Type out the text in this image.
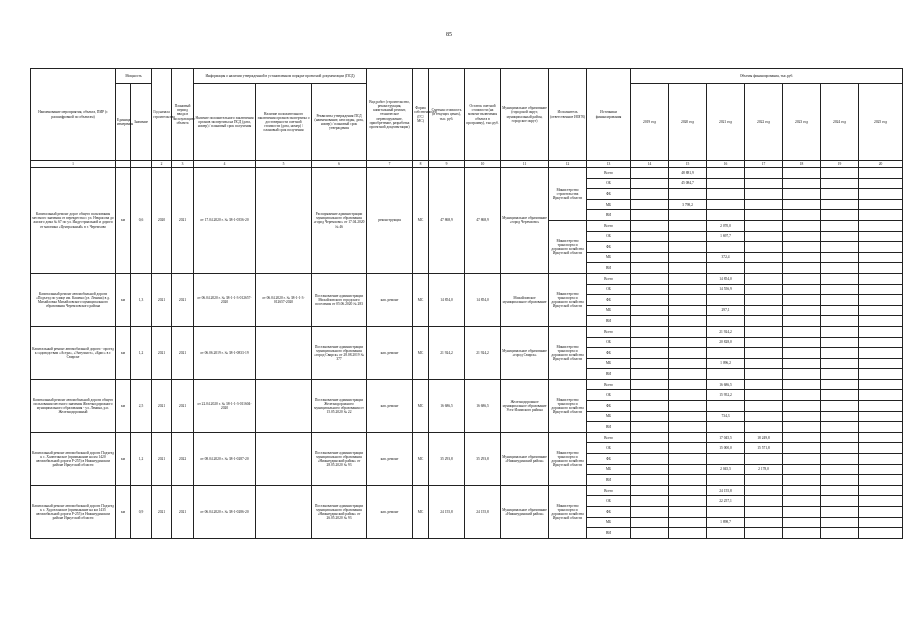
85
Наименование мероприятия, объекта, ПИР (с расшифровкой по объектам)	Мощность		Год начала строительства	Плановый период ввода в эксплуатацию объекта	Информация о наличии утвержденной в установленном порядке проектной документации (ПСД)			Вид работ (строительство, реконструкция, капитальный ремонт, техническое перевооружение, приобретение, разработка проектной документации)	Форма собственности (ГС/МС)	Сметная стоимость (в текущих ценах), тыс. руб.	Остаток сметной стоимости (на момент включения объекта в программу), тыс.руб.	Муниципальное образование (городской округ, муниципальный район, городское округ)	Исполнитель (ответственное ИОГВ)	Источники финансирования	Объемы финансирования, тыс.руб.						
	Единица измерения	Значение			Наличие положительного заключения органов экспертизы на ПСД (дата, номер) / плановый срок получения	Наличие положительного заключения органов экспертизы о достоверности сметной стоимости (дата, номер) / плановый срок получения	Реквизиты утверждения ПСД (наименование, кем издан, дата, номер) / плановый срок утверждения								2019 год	2020 год	2021 год	2022 год	2023 год	2024 год	2025 год
1			2	3	4	5	6	7	8	9	10	11	12	13	14	15	16	17	18	19	20
Капитальный ремонт дорог общего пользования местного значения от перекрестка с ул. Некрасова до жилого дома № 67 по ул. Индустриальной и дороги от магазина «Центральный» в г. Черемхово	км	0,6	2020	2021	от 17.04.2020 г. № 38-1-0356-20		Распоряжение администрации муниципального образования «город Черемхово» от 17.04.2020 № 46	реконструкция	МС	47 868,9	47 868,9	Муниципальное образование «город Черемхово»	Министерство строительства Иркутской области	Всего		48 881,9					
														ОБ		45 084,7					
														ФБ							
														МБ		3 798,2					
														ВИ							
													Министерство транспорта и дорожного хозяйства Иркутской области	Всего			2 070,0				
														ОБ			1 697,7				
														ФБ							
														МБ			372,4				
														ВИ							
Капитальный ремонт автомобильной дороги «Подъезд по улице им. Кашена (ул. Ленина) в д. Михайловка Михайловского муниципального образования Черемховского района	км	1,3	2021	2021	от 06.04.2020 г. № 38-1-1-3-012657-2020	от 06.04.2020 г. № 38-1-1-3-012657-2020	Постановление администрации Михайловского городского поселения от 05.06.2020 № 283	кап. ремонт	МС	14 854,0	14 854,0	Михайловское муниципальное образование	Министерство транспорта и дорожного хозяйства Иркутской области	Всего			14 854,0				
														ОБ			14 556,9				
														ФБ							
														МБ			297,1				
														ВИ							
Капитальный ремонт автомобильной дороги - проезд к садоводствам «Астра», «Энтузиаст», «Брис» в г. Свирске	км	1,2	2021	2021	от 06.06.2019 г. № 38-1-0833-19		Постановление администрации муниципального образования «город Свирск» от 28.08.2019 № 377	кап. ремонт	МС	21 924,2	21 924,2	Муниципальное образование «город Свирск»	Министерство транспорта и дорожного хозяйства Иркутской области	Всего			21 924,2				
														ОБ			20 828,0				
														ФБ							
														МБ			1 096,2				
														ВИ							
Капитальный ремонт автомобильной дороги общего пользования местного значения Железнодорожного муниципального образования - ул. Ленина, р.п. Железнодорожный	км	2,5	2021	2021	от 22.04.2020 г. № 38-1-1-3-011604-2020		Постановление администрации Железнодорожного муниципального образования от 15.05.2020 № 22	кап. ремонт	МС	16 686,5	16 686,5	Железнодорожное муниципальное образование Усть-Илимского района	Министерство транспорта и дорожного хозяйства Иркутской области	Всего			16 686,5				
														ОБ			15 952,2				
														ФБ							
														МБ			734,3				
														ВИ							
Капитальный ремонт автомобильной дороги Подъезд к с. Халютинское (примыкание на км 1420 автомобильной дороги Р-255) в Нижнеудинском районе Иркутской области	км	1,2	2021	2022	от 08.04.2020 г. № 38-1-0287-20		Постановление администрации муниципального образования «Нижнеудинский район» от 28.05.2020 № 93	кап. ремонт	МС	35 293,8	35 293,8	Муниципальное образование «Нижнеудинский район»	Министерство транспорта и дорожного хозяйства Иркутской области	Всего			17 045,5	18 249,8			
														ОБ			15 000,0	15 571,8			
														ФБ							
														МБ			2 045,5	2 178,0			
														ВИ							
Капитальный ремонт автомобильной дороги Подъезд к с. Худоеланское (примыкание на км 1435 автомобильной дороги Р-255) в Нижнеудинском районе Иркутской области	км	0,9	2021	2021	от 06.04.2020 г. № 38-1-0286-20		Постановление администрации муниципального образования «Нижнеудинский район» от 26.05.2020 № 93	кап. ремонт	МС	24 155,8	24 155,8	Муниципальное образование «Нижнеудинский район»	Министерство транспорта и дорожного хозяйства Иркутской области	Всего			24 155,8				
														ОБ			22 257,1				
														ФБ							
														МБ			1 898,7				
														ВИ							
